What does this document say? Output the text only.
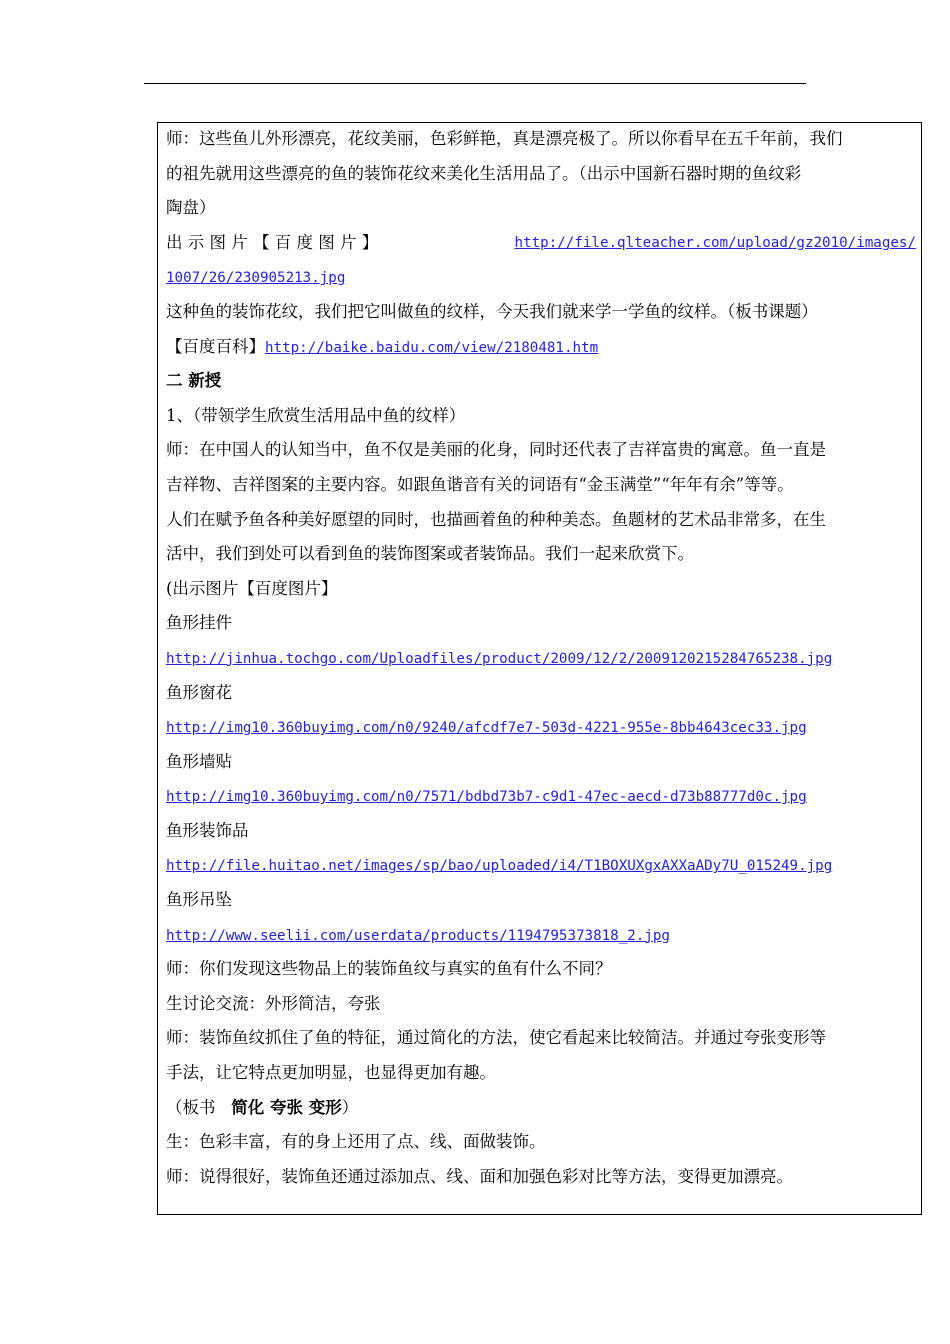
师：这些鱼儿外形漂亮，花纹美丽，色彩鲜艳，真是漂亮极了。所以你看早在五千年前，我们
的祖先就用这些漂亮的鱼的装饰花纹来美化生活用品了。（出示中国新石器时期的鱼纹彩
陶盘）
出 示 图 片 【 百 度 图 片 】	http://file.qlteacher.com/upload/gz2010/images/
1007/26/230905213.jpg
这种鱼的装饰花纹，我们把它叫做鱼的纹样，今天我们就来学一学鱼的纹样。（板书课题）
【百度百科】http://baike.baidu.com/view/2180481.htm
二 新授
1、（带领学生欣赏生活用品中鱼的纹样）
师：在中国人的认知当中，鱼不仅是美丽的化身，同时还代表了吉祥富贵的寓意。鱼一直是
吉祥物、吉祥图案的主要内容。如跟鱼谐音有关的词语有“金玉满堂”“年年有余”等等。
人们在赋予鱼各种美好愿望的同时，也描画着鱼的种种美态。鱼题材的艺术品非常多，在生
活中，我们到处可以看到鱼的装饰图案或者装饰品。我们一起来欣赏下。
(出示图片【百度图片】
鱼形挂件
http://jinhua.tochgo.com/Uploadfiles/product/2009/12/2/2009120215284765238.jpg
鱼形窗花
http://img10.360buyimg.com/n0/9240/afcdf7e7-503d-4221-955e-8bb4643cec33.jpg
鱼形墙贴
http://img10.360buyimg.com/n0/7571/bdbd73b7-c9d1-47ec-aecd-d73b88777d0c.jpg
鱼形装饰品
http://file.huitao.net/images/sp/bao/uploaded/i4/T1BOXUXgxAXXaADy7U_015249.jpg
鱼形吊坠
http://www.seelii.com/userdata/products/1194795373818_2.jpg
师：你们发现这些物品上的装饰鱼纹与真实的鱼有什么不同？
生讨论交流：外形简洁，夸张
师：装饰鱼纹抓住了鱼的特征，通过简化的方法，使它看起来比较简洁。并通过夸张变形等
手法，让它特点更加明显，也显得更加有趣。
（板书 简化 夸张 变形）
生：色彩丰富，有的身上还用了点、线、面做装饰。
师：说得很好，装饰鱼还通过添加点、线、面和加强色彩对比等方法，变得更加漂亮。
